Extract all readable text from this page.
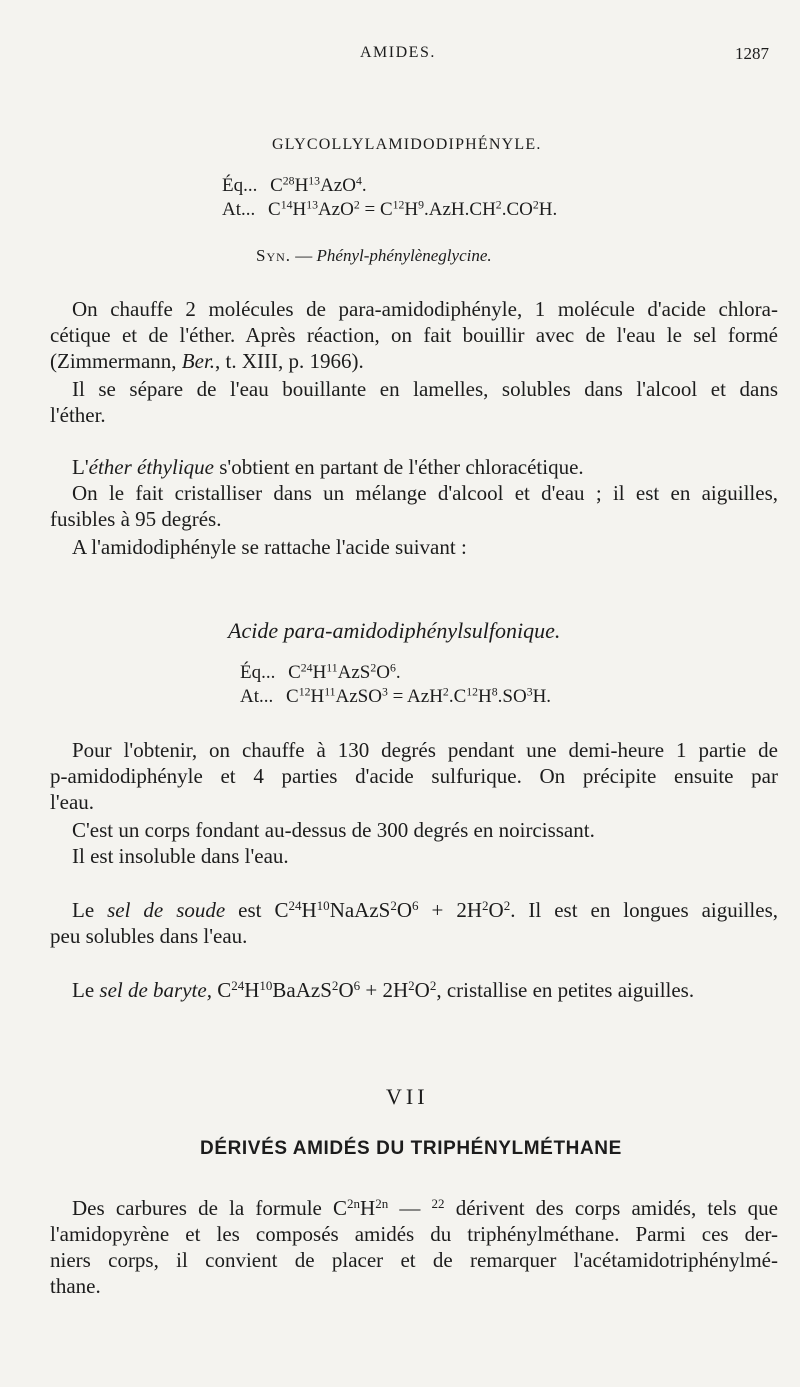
AMIDES.	1287
GLYCOLLYLAMIDODIPHÉNYLE.
Éq... $C^{28}H^{13}AzO^4$.
At... $C^{14}H^{13}AzO^2 = C^{12}H^9.AzH.CH^2.CO^2H$.
Syn. — Phényl-phénylèneglycine.
On chauffe 2 molécules de para-amidodiphényle, 1 molécule d'acide chlora-
cétique et de l'éther. Après réaction, on fait bouillir avec de l'eau le sel formé
(Zimmermann, Ber., t. XIII, p. 1966).
Il se sépare de l'eau bouillante en lamelles, solubles dans l'alcool et dans
l'éther.
L'éther éthylique s'obtient en partant de l'éther chloracétique.
On le fait cristalliser dans un mélange d'alcool et d'eau ; il est en aiguilles,
fusibles à 95 degrés.
A l'amidodiphényle se rattache l'acide suivant :
Acide para-amidodiphénylsulfonique.
Éq... $C^{24}H^{11}AzS^2O^6$.
At... $C^{12}H^{11}AzSO^3 = AzH^2.C^{12}H^8.SO^3H$.
Pour l'obtenir, on chauffe à 130 degrés pendant une demi-heure 1 partie de
p-amidodiphényle et 4 parties d'acide sulfurique. On précipite ensuite par
l'eau.
C'est un corps fondant au-dessus de 300 degrés en noircissant.
Il est insoluble dans l'eau.
Le sel de soude est $C^{24}H^{10}NaAzS^2O^6 + 2H^2O^2$. Il est en longues aiguilles,
peu solubles dans l'eau.
Le sel de baryte, $C^{24}H^{10}BaAzS^2O^6 + 2H^2O^2$, cristallise en petites aiguilles.
VII
DÉRIVÉS AMIDÉS DU TRIPHÉNYLMÉTHANE
Des carbures de la formule $C^{2n}H^{2n}$ — $^{22}$ dérivent des corps amidés, tels que
l'amidopyrène et les composés amidés du triphénylméthane. Parmi ces der-
niers corps, il convient de placer et de remarquer l'acétamidotriphénylmé-
thane.
